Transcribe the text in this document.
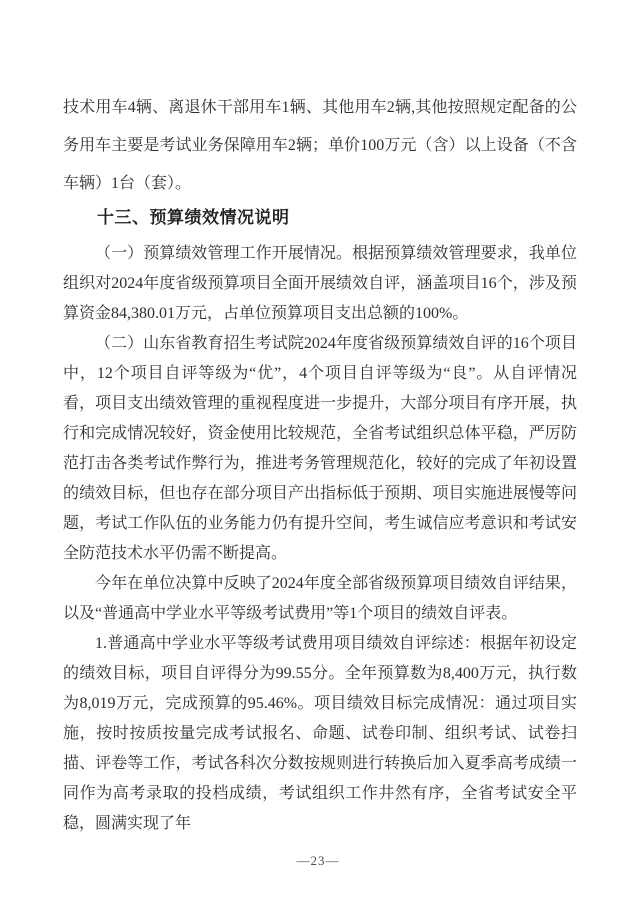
技术用车4辆、离退休干部用车1辆、其他用车2辆,其他按照规定配备的公务用车主要是考试业务保障用车2辆；单价100万元（含）以上设备（不含车辆）1台（套）。

十三、预算绩效情况说明

（一）预算绩效管理工作开展情况。根据预算绩效管理要求，我单位组织对2024年度省级预算项目全面开展绩效自评，涵盖项目16个，涉及预算资金84,380.01万元，占单位预算项目支出总额的100%。

（二）山东省教育招生考试院2024年度省级预算绩效自评的16个项目中，12个项目自评等级为“优”，4个项目自评等级为“良”。从自评情况看，项目支出绩效管理的重视程度进一步提升，大部分项目有序开展，执行和完成情况较好，资金使用比较规范，全省考试组织总体平稳，严厉防范打击各类考试作弊行为，推进考务管理规范化，较好的完成了年初设置的绩效目标，但也存在部分项目产出指标低于预期、项目实施进展慢等问题，考试工作队伍的业务能力仍有提升空间，考生诚信应考意识和考试安全防范技术水平仍需不断提高。

今年在单位决算中反映了2024年度全部省级预算项目绩效自评结果，以及“普通高中学业水平等级考试费用”等1个项目的绩效自评表。

1.普通高中学业水平等级考试费用项目绩效自评综述：根据年初设定的绩效目标，项目自评得分为99.55分。全年预算数为8,400万元，执行数为8,019万元，完成预算的95.46%。项目绩效目标完成情况：通过项目实施，按时按质按量完成考试报名、命题、试卷印制、组织考试、试卷扫描、评卷等工作，考试各科次分数按规则进行转换后加入夏季高考成绩一同作为高考录取的投档成绩，考试组织工作井然有序，全省考试安全平稳，圆满实现了年

—23—
